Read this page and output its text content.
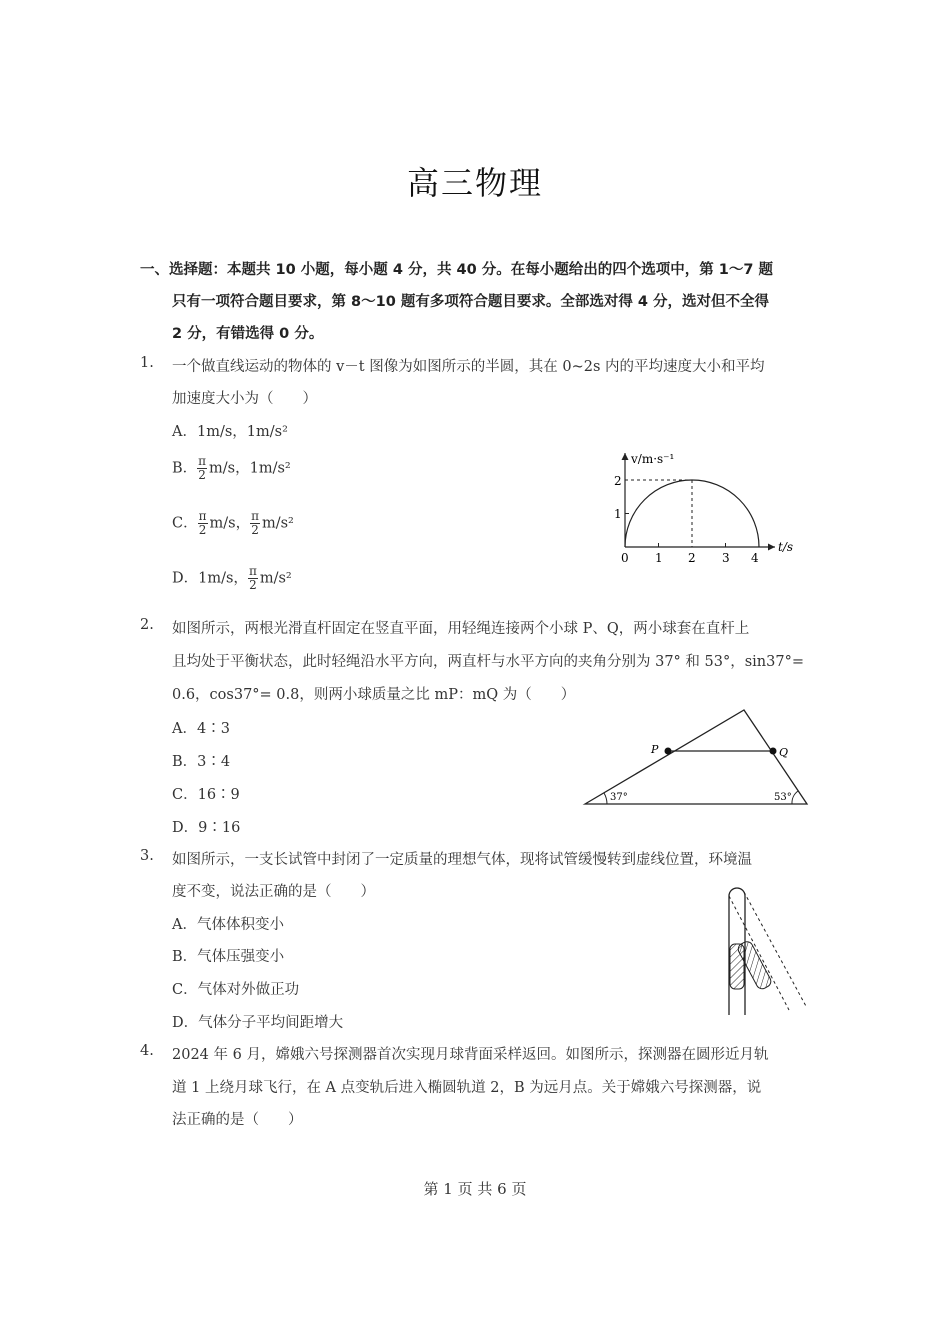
高三物理
一、选择题：本题共 10 小题，每小题 4 分，共 40 分。在每小题给出的四个选项中，第 1～7 题
只有一项符合题目要求，第 8～10 题有多项符合题目要求。全部选对得 4 分，选对但不全得
2 分，有错选得 0 分。
1. 一个做直线运动的物体的 v－t 图像为如图所示的半圆，其在 0~2s 内的平均速度大小和平均
加速度大小为（　　）
A．1m/s，1m/s²
B． $\frac{\pi}{2} m/s$，1m/s²
C． $\frac{\pi}{2} m/s$， $\frac{\pi}{2} m/s^2$
D．1m/s， $\frac{\pi}{2} m/s^2$
v/m·s⁻¹
t/s
2
1
0 1 2 3 4
2. 如图所示，两根光滑直杆固定在竖直平面，用轻绳连接两个小球 P、Q，两小球套在直杆上
且均处于平衡状态，此时轻绳沿水平方向，两直杆与水平方向的夹角分别为 37° 和 53°，sin37°=
0.6，cos37°= 0.8，则两小球质量之比 mP：mQ 为（　　）
A．4∶3
B．3∶4
C．16∶9
D．9∶16
P	Q
37°	53°
3. 如图所示，一支长试管中封闭了一定质量的理想气体，现将试管缓慢转到虚线位置，环境温
度不变，说法正确的是（　　）
A．气体体积变小
B．气体压强变小
C．气体对外做正功
D．气体分子平均间距增大
4. 2024 年 6 月，嫦娥六号探测器首次实现月球背面采样返回。如图所示，探测器在圆形近月轨
道 1 上绕月球飞行，在 A 点变轨后进入椭圆轨道 2，B 为远月点。关于嫦娥六号探测器，说
法正确的是（　　）
第 1 页 共 6 页
